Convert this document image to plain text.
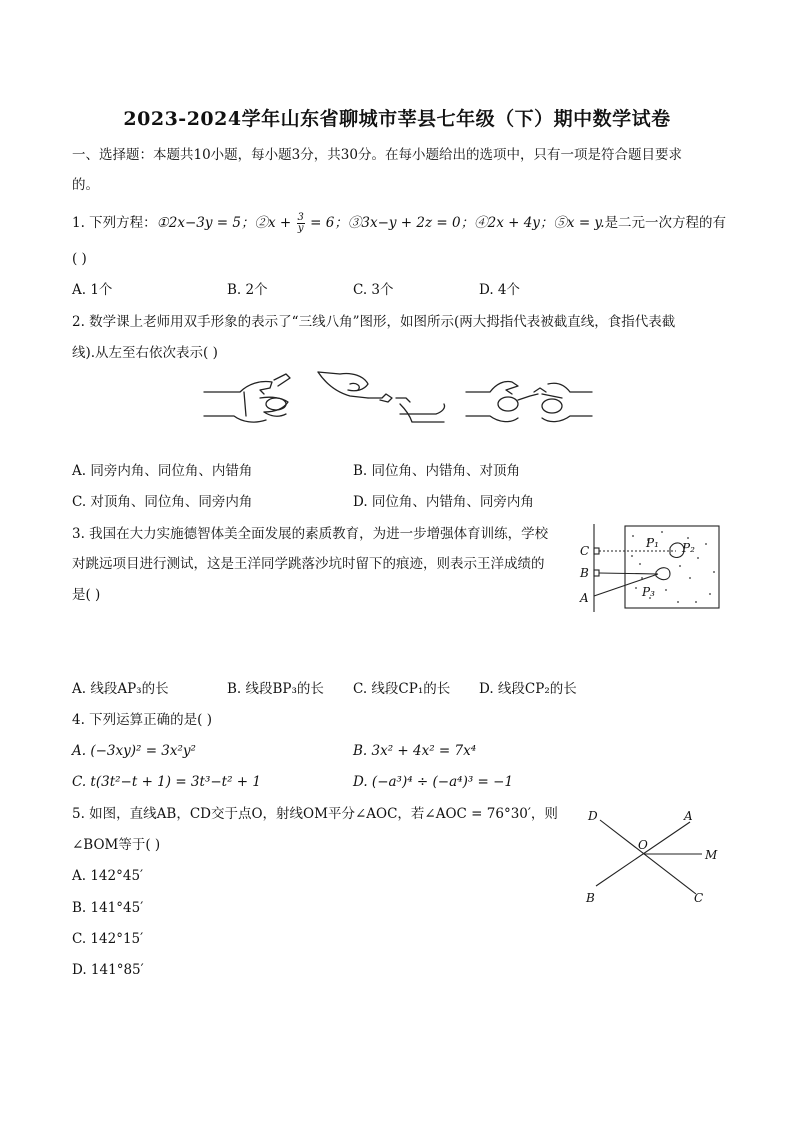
2023-2024学年山东省聊城市莘县七年级（下）期中数学试卷
一、选择题：本题共10小题，每小题3分，共30分。在每小题给出的选项中，只有一项是符合题目要求
的。
1. 下列方程：①2x−3y = 5；②x + $\frac{3}{y} = 6$；③3x−y + 2z = 0；④2x + 4y；⑤x = y.是二元一次方程的有
( )
A. 1个	B. 2个	C. 3个	D. 4个
2. 数学课上老师用双手形象的表示了“三线八角”图形，如图所示(两大拇指代表被截直线，食指代表截
线).从左至右依次表示( )
A. 同旁内角、同位角、内错角	B. 同位角、内错角、对顶角
C. 对顶角、同位角、同旁内角	D. 同位角、内错角、同旁内角
3. 我国在大力实施德智体美全面发展的素质教育，为进一步增强体育训练，学校
对跳远项目进行测试，这是王洋同学跳落沙坑时留下的痕迹，则表示王洋成绩的
是( )
C
B
A
P₁ P₂
P₃
A. 线段AP₃的长	B. 线段BP₃的长 C. 线段CP₁的长 D. 线段CP₂的长
4. 下列运算正确的是( )
A. (−3xy)² = 3x²y²	B. 3x² + 4x² = 7x⁴
C. t(3t²−t + 1) = 3t³−t² + 1	D. (−a³)⁴ ÷ (−a⁴)³ = −1
5. 如图，直线AB，CD交于点O，射线OM平分∠AOC，若∠AOC = 76°30′，则
∠BOM等于( )
A. 142°45′
B. 141°45′
C. 142°15′
D. 141°85′
D	A
O
M
B	C
